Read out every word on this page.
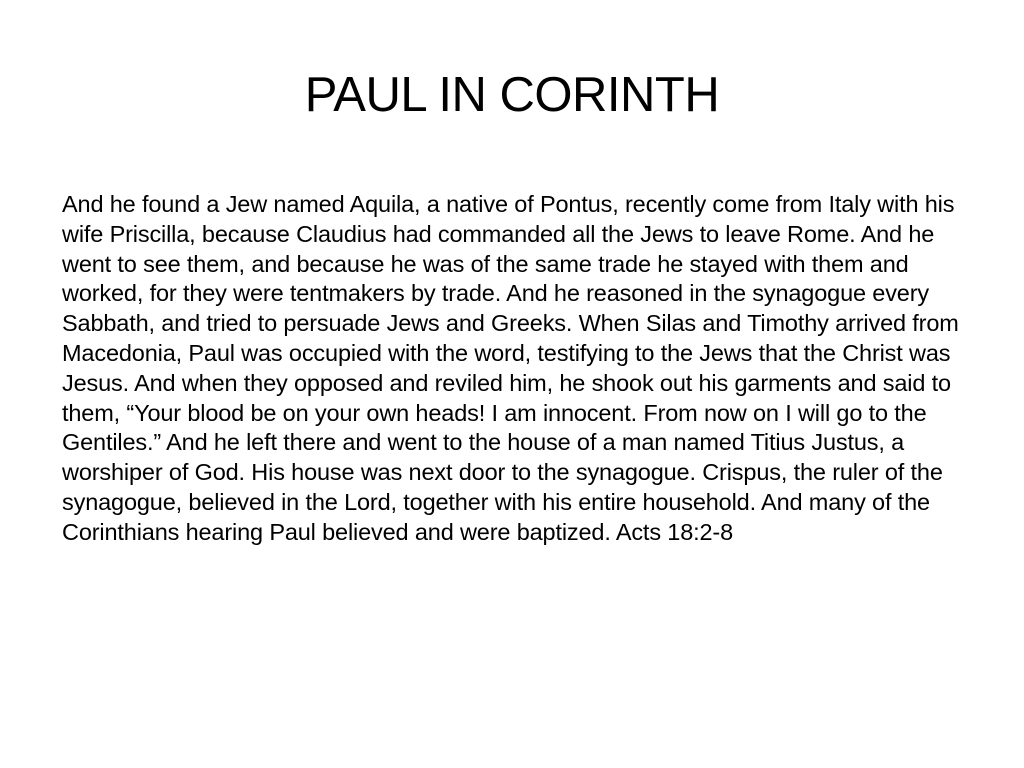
PAUL IN CORINTH

And he found a Jew named Aquila, a native of Pontus, recently come from Italy with his wife Priscilla, because Claudius had commanded all the Jews to leave Rome. And he went to see them, and because he was of the same trade he stayed with them and worked, for they were tentmakers by trade. And he reasoned in the synagogue every Sabbath, and tried to persuade Jews and Greeks. When Silas and Timothy arrived from Macedonia, Paul was occupied with the word, testifying to the Jews that the Christ was Jesus. And when they opposed and reviled him, he shook out his garments and said to them, “Your blood be on your own heads! I am innocent. From now on I will go to the Gentiles.” And he left there and went to the house of a man named Titius Justus, a worshiper of God. His house was next door to the synagogue. Crispus, the ruler of the synagogue, believed in the Lord, together with his entire household. And many of the Corinthians hearing Paul believed and were baptized. Acts 18:2-8
